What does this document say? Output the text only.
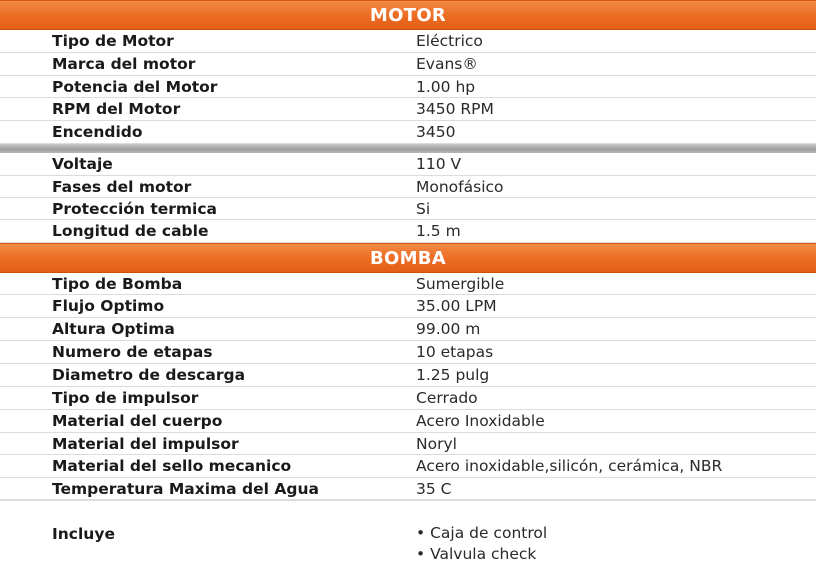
MOTOR
Tipo de Motor	Eléctrico
Marca del motor	Evans®
Potencia del Motor	1.00 hp
RPM del Motor	3450 RPM
Encendido	3450
Voltaje	110 V
Fases del motor	Monofásico
Protección termica	Si
Longitud de cable	1.5 m
BOMBA
Tipo de Bomba	Sumergible
Flujo Optimo	35.00 LPM
Altura Optima	99.00 m
Numero de etapas	10 etapas
Diametro de descarga	1.25 pulg
Tipo de impulsor	Cerrado
Material del cuerpo	Acero Inoxidable
Material del impulsor	Noryl
Material del sello mecanico	Acero inoxidable,silicón, cerámica, NBR
Temperatura Maxima del Agua	35 C
Incluye
•	Caja de control
• Valvula check
